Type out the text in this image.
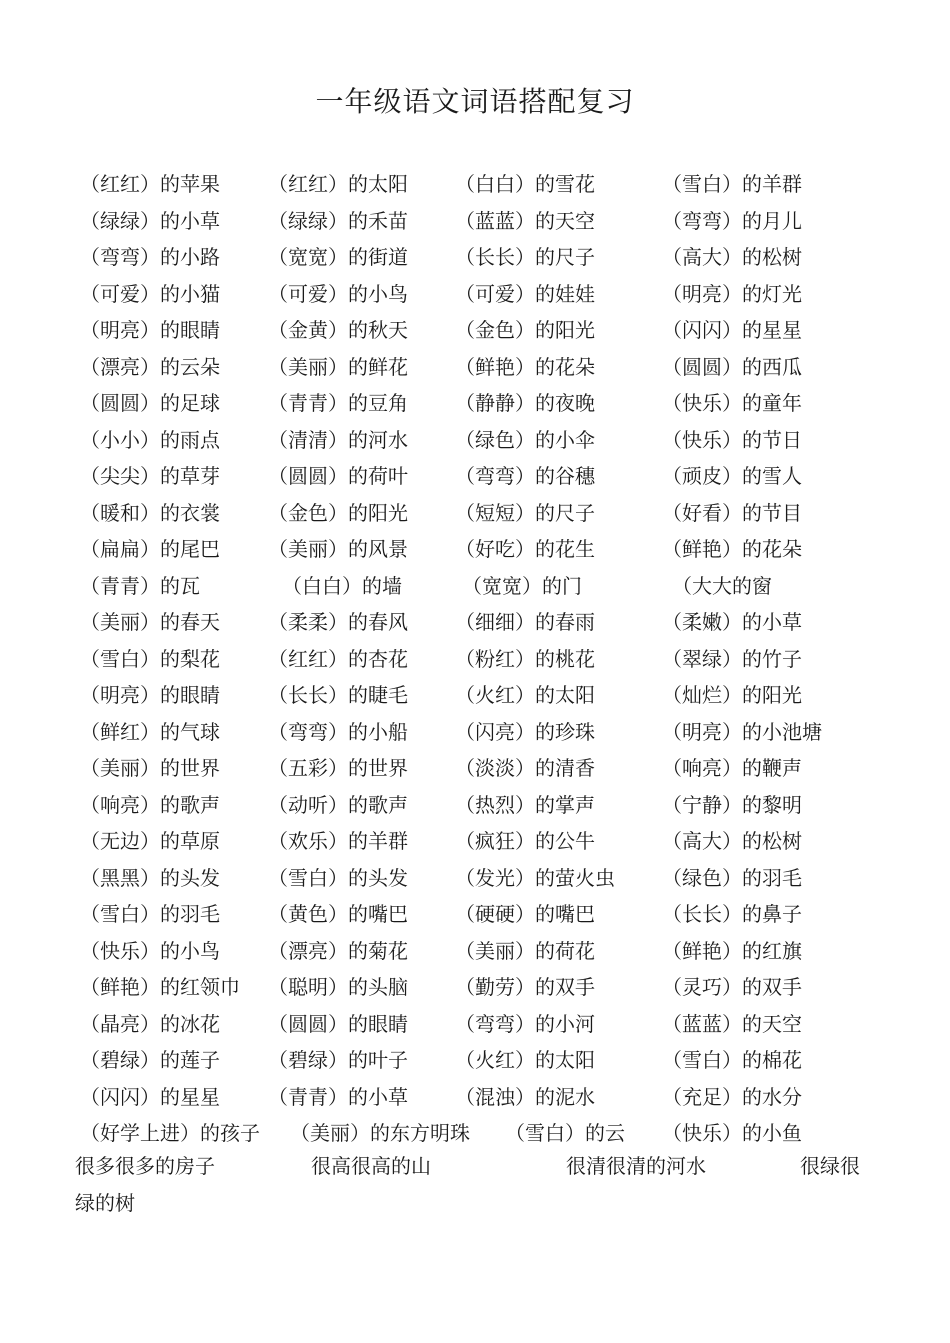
一年级语文词语搭配复习
（红红）的苹果 （红红）的太阳 （白白）的雪花	（雪白）的羊群
（绿绿）的小草 （绿绿）的禾苗 （蓝蓝）的天空	（弯弯）的月儿
（弯弯）的小路 （宽宽）的街道 （长长）的尺子	（高大）的松树
（可爱）的小猫 （可爱）的小鸟 （可爱）的娃娃	（明亮）的灯光
（明亮）的眼睛 （金黄）的秋天 （金色）的阳光	（闪闪）的星星
（漂亮）的云朵 （美丽）的鲜花 （鲜艳）的花朵	（圆圆）的西瓜
（圆圆）的足球 （青青）的豆角 （静静）的夜晚	（快乐）的童年
（小小）的雨点 （清清）的河水 （绿色）的小伞	（快乐）的节日
（尖尖）的草芽 （圆圆）的荷叶 （弯弯）的谷穗	（顽皮）的雪人
（暖和）的衣裳 （金色）的阳光 （短短）的尺子	（好看）的节目
（扁扁）的尾巴 （美丽）的风景 （好吃）的花生	（鲜艳）的花朵
（青青）的瓦	（白白）的墙	（宽宽）的门	（大大的窗
（美丽）的春天 （柔柔）的春风 （细细）的春雨	（柔嫩）的小草
（雪白）的梨花 （红红）的杏花 （粉红）的桃花	（翠绿）的竹子
（明亮）的眼睛 （长长）的睫毛 （火红）的太阳	（灿烂）的阳光
（鲜红）的气球 （弯弯）的小船 （闪亮）的珍珠	（明亮）的小池塘
（美丽）的世界 （五彩）的世界 （淡淡）的清香	（响亮）的鞭声
（响亮）的歌声 （动听）的歌声 （热烈）的掌声	（宁静）的黎明
（无边）的草原 （欢乐）的羊群 （疯狂）的公牛	（高大）的松树
（黑黑）的头发 （雪白）的头发 （发光）的萤火虫 （绿色）的羽毛
（雪白）的羽毛 （黄色）的嘴巴 （硬硬）的嘴巴	（长长）的鼻子
（快乐）的小鸟 （漂亮）的菊花 （美丽）的荷花	（鲜艳）的红旗
（鲜艳）的红领巾 （聪明）的头脑 （勤劳）的双手	（灵巧）的双手
（晶亮）的冰花 （圆圆）的眼睛 （弯弯）的小河	（蓝蓝）的天空
（碧绿）的莲子 （碧绿）的叶子 （火红）的太阳	（雪白）的棉花
（闪闪）的星星 （青青）的小草 （混浊）的泥水	（充足）的水分
（好学上进）的孩子 （美丽）的东方明珠 （雪白）的云 （快乐）的小鱼
很多很多的房子	很高很高的山	很清很清的河水	很绿很
绿的树
